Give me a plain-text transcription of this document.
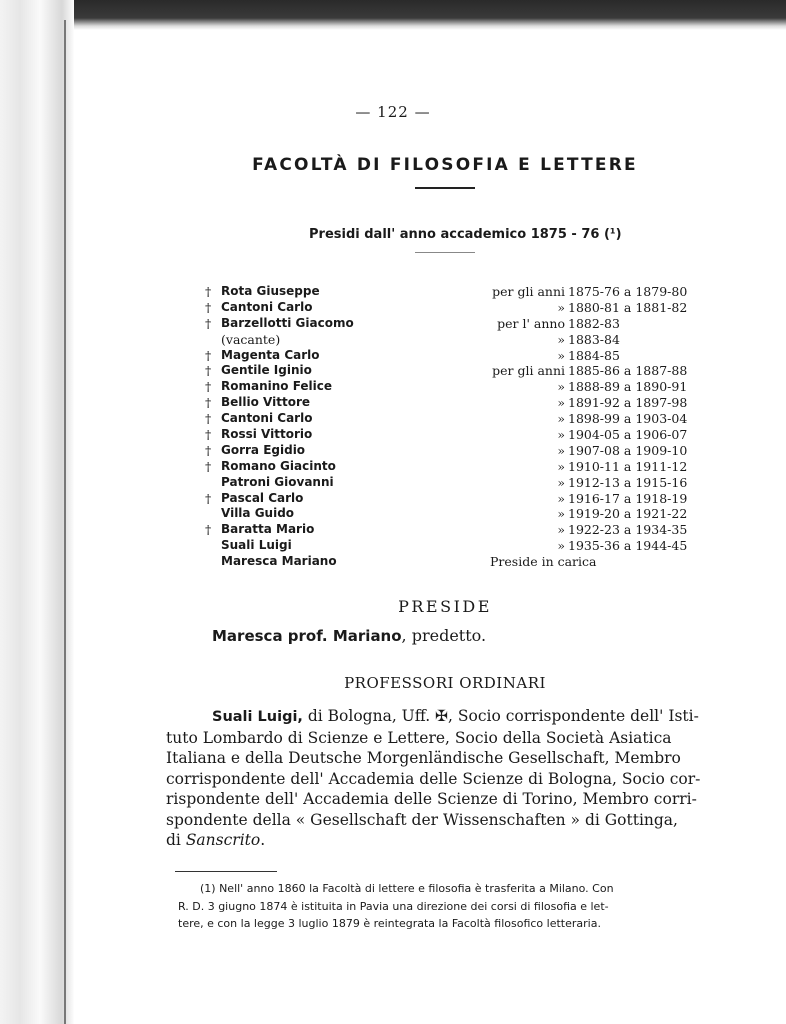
— 122 —
FACOLTÀ DI FILOSOFIA E LETTERE
Presidi dall' anno accademico 1875 - 76 (¹)
† Rota Giuseppe	per gli anni 1875-76 a 1879-80
† Cantoni Carlo	» 1880-81 a 1881-82
† Barzellotti Giacomo	per l' anno 1882-83
(vacante)	» 1883-84
† Magenta Carlo	» 1884-85
† Gentile Iginio	per gli anni 1885-86 a 1887-88
† Romanino Felice	» 1888-89 a 1890-91
† Bellio Vittore	» 1891-92 a 1897-98
† Cantoni Carlo	» 1898-99 a 1903-04
† Rossi Vittorio	» 1904-05 a 1906-07
† Gorra Egidio	» 1907-08 a 1909-10
† Romano Giacinto	» 1910-11 a 1911-12
Patroni Giovanni	» 1912-13 a 1915-16
† Pascal Carlo	» 1916-17 a 1918-19
Villa Guido	» 1919-20 a 1921-22
† Baratta Mario	» 1922-23 a 1934-35
Suali Luigi	» 1935-36 a 1944-45
Maresca Mariano	Preside in carica
PRESIDE
Maresca prof. Mariano, predetto.
PROFESSORI ORDINARI
Suali Luigi, di Bologna, Uff. ✠, Socio corrispondente dell' Isti-
tuto Lombardo di Scienze e Lettere, Socio della Società Asiatica
Italiana e della Deutsche Morgenländische Gesellschaft, Membro
corrispondente dell' Accademia delle Scienze di Bologna, Socio cor-
rispondente dell' Accademia delle Scienze di Torino, Membro corri-
spondente della « Gesellschaft der Wissenschaften » di Gottinga,
di Sanscrito.
(1) Nell' anno 1860 la Facoltà di lettere e filosofia è trasferita a Milano. Con
R. D. 3 giugno 1874 è istituita in Pavia una direzione dei corsi di filosofia e let-
tere, e con la legge 3 luglio 1879 è reintegrata la Facoltà filosofico letteraria.
